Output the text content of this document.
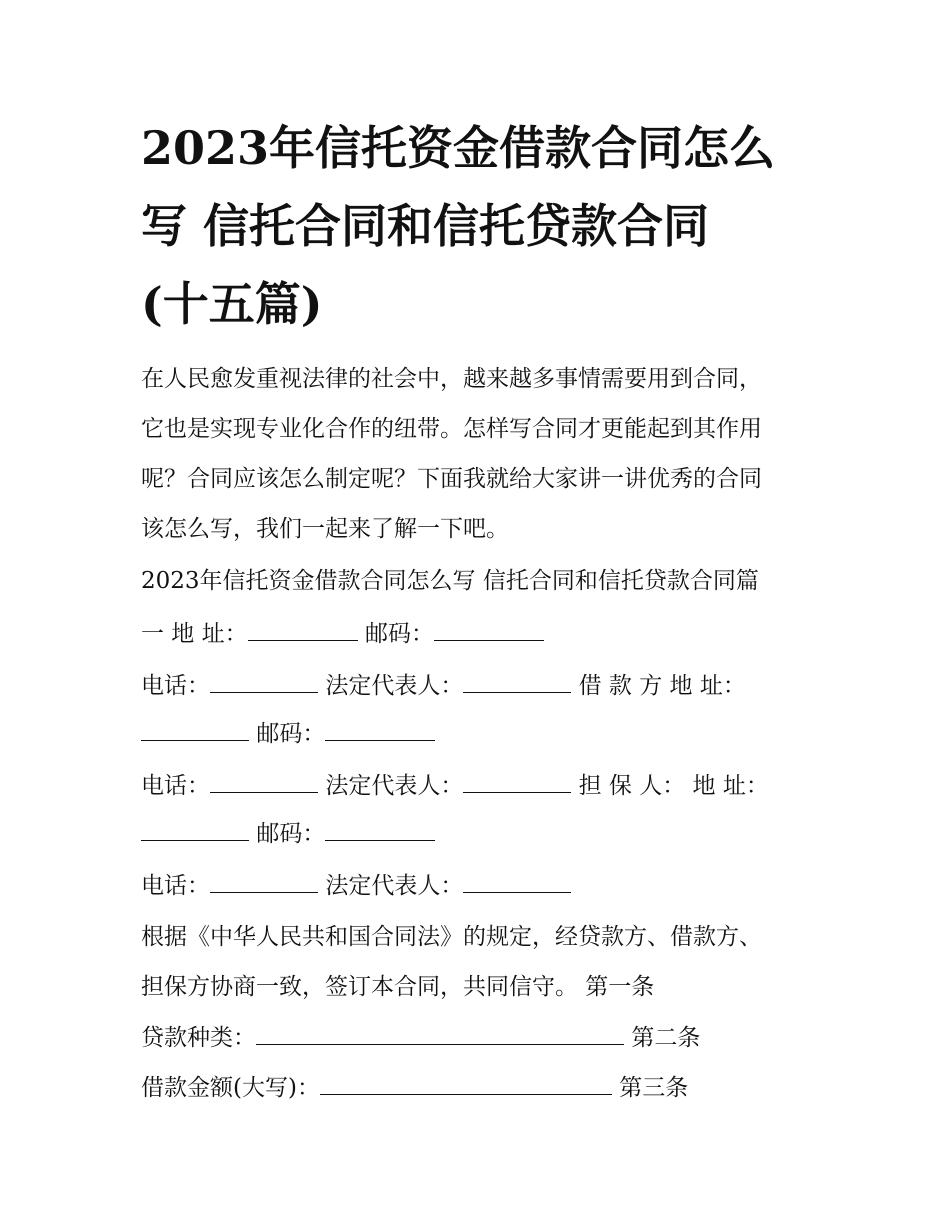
2023年信托资金借款合同怎么
写 信托合同和信托贷款合同
(十五篇)
在人民愈发重视法律的社会中，越来越多事情需要用到合同，
它也是实现专业化合作的纽带。怎样写合同才更能起到其作用
呢？合同应该怎么制定呢？下面我就给大家讲一讲优秀的合同
该怎么写，我们一起来了解一下吧。
2023年信托资金借款合同怎么写 信托合同和信托贷款合同篇
一 地 址：	邮码：
电话：	法定代表人：	借 款 方 地 址：
邮码：
电话：	法定代表人：	担 保 人： 地 址：
邮码：
电话：	法定代表人：
根据《中华人民共和国合同法》的规定，经贷款方、借款方、
担保方协商一致，签订本合同，共同信守。 第一条
贷款种类：	第二条
借款金额(大写)：	第三条
